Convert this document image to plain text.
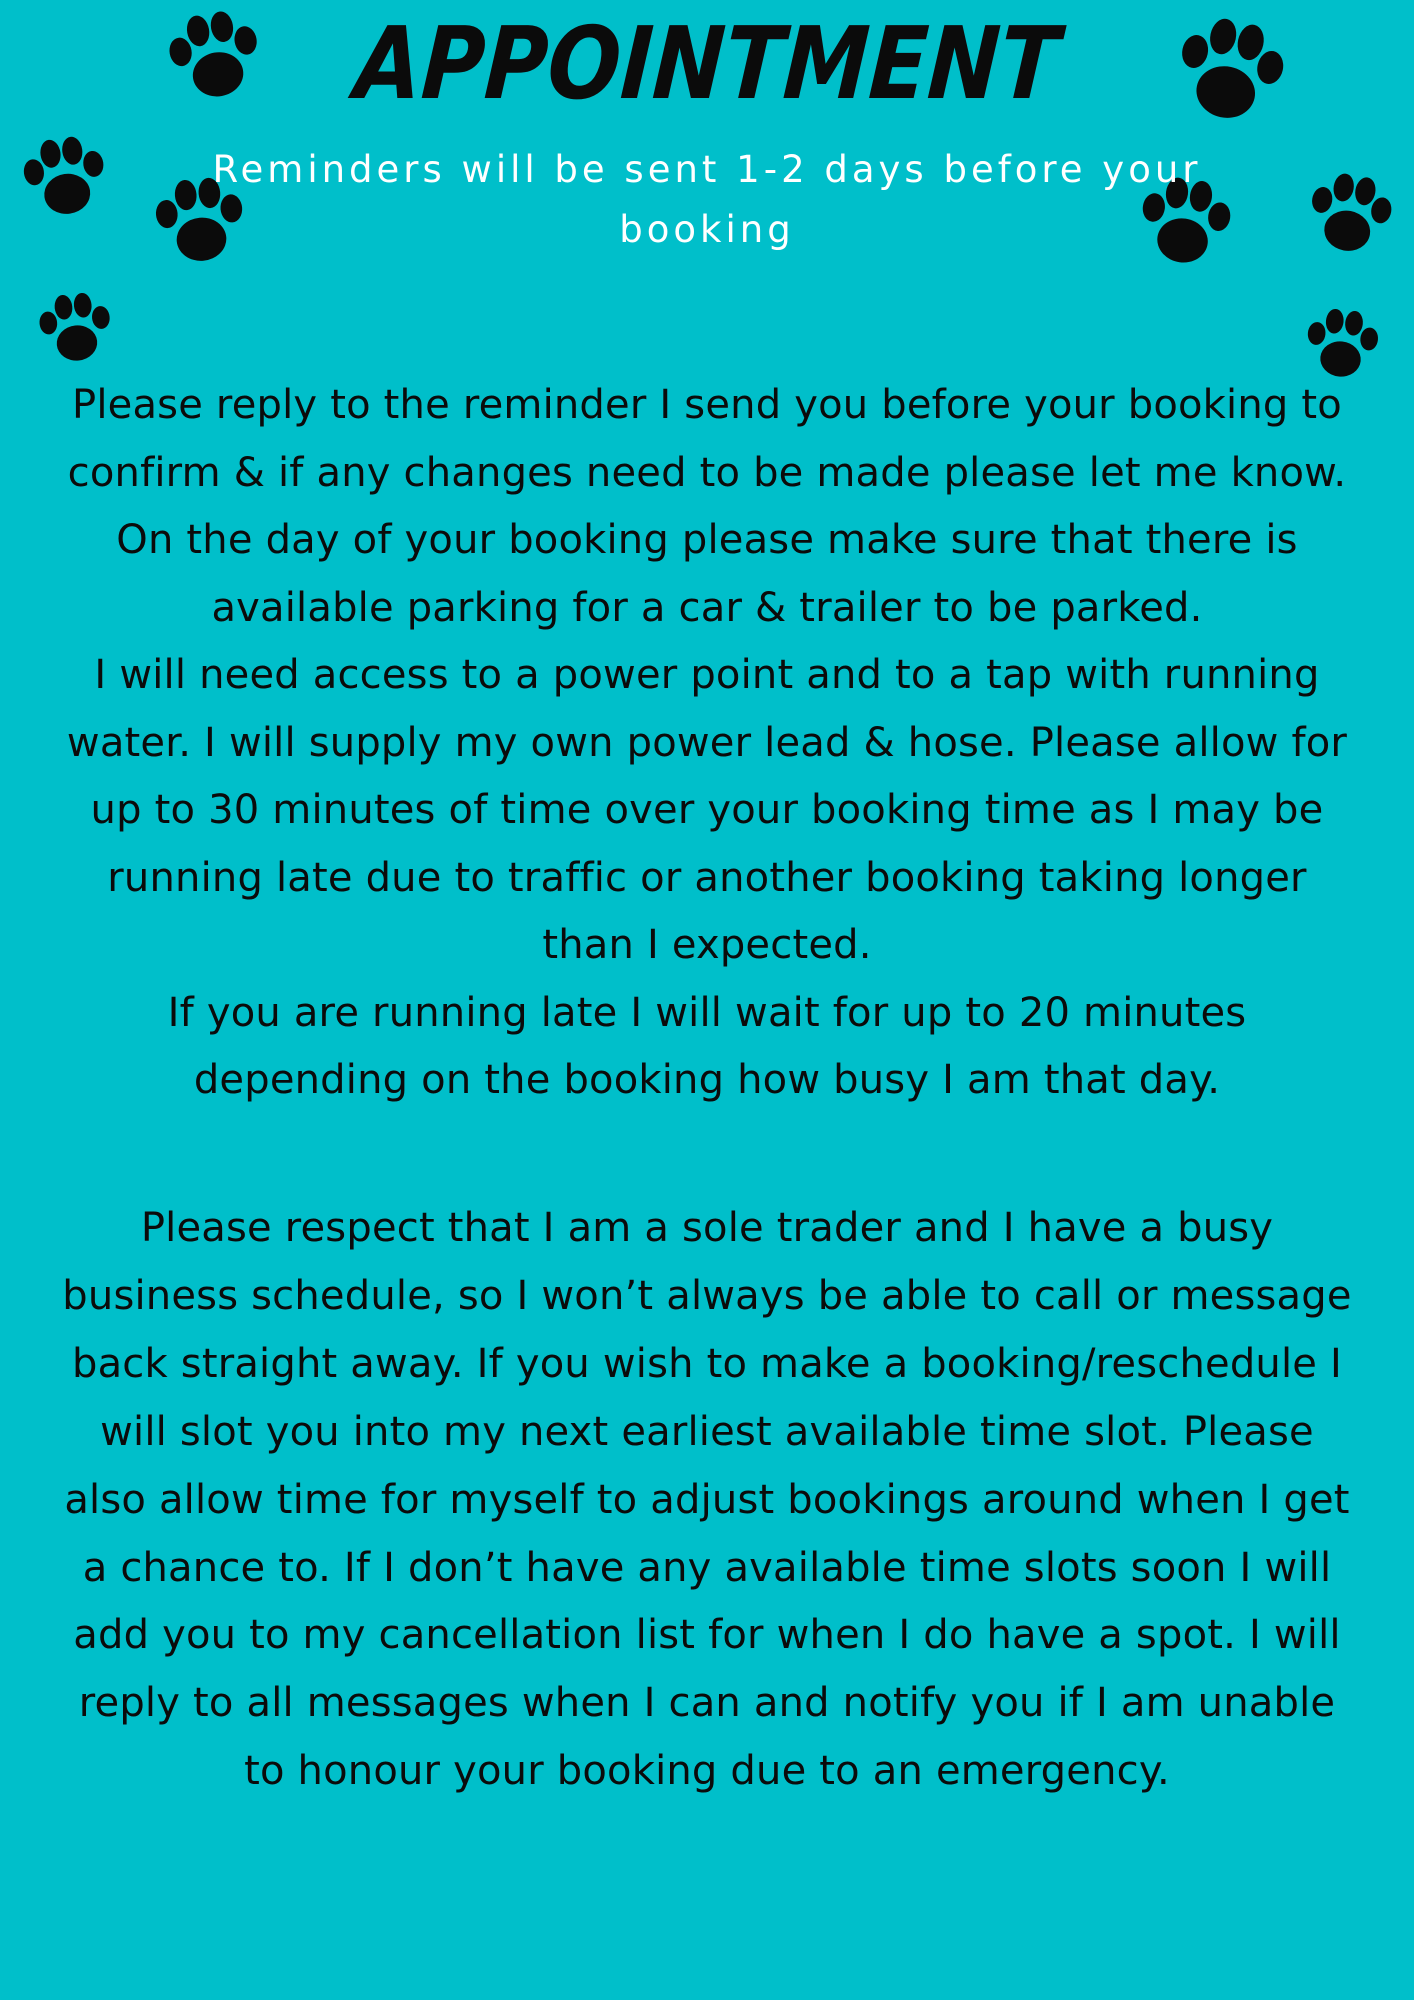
APPOINTMENT
Reminders will be sent 1-2 days before your booking
Please reply to the reminder I send you before your booking to confirm & if any changes need to be made please let me know. On the day of your booking please make sure that there is available parking for a car & trailer to be parked.
I will need access to a power point and to a tap with running water. I will supply my own power lead & hose. Please allow for up to 30 minutes of time over your booking time as I may be running late due to traffic or another booking taking longer than I expected.
If you are running late I will wait for up to 20 minutes depending on the booking how busy I am that day.
Please respect that I am a sole trader and I have a busy business schedule, so I won’t always be able to call or message back straight away. If you wish to make a booking/reschedule I will slot you into my next earliest available time slot. Please also allow time for myself to adjust bookings around when I get a chance to. If I don’t have any available time slots soon I will add you to my cancellation list for when I do have a spot. I will reply to all messages when I can and notify you if I am unable to honour your booking due to an emergency.
